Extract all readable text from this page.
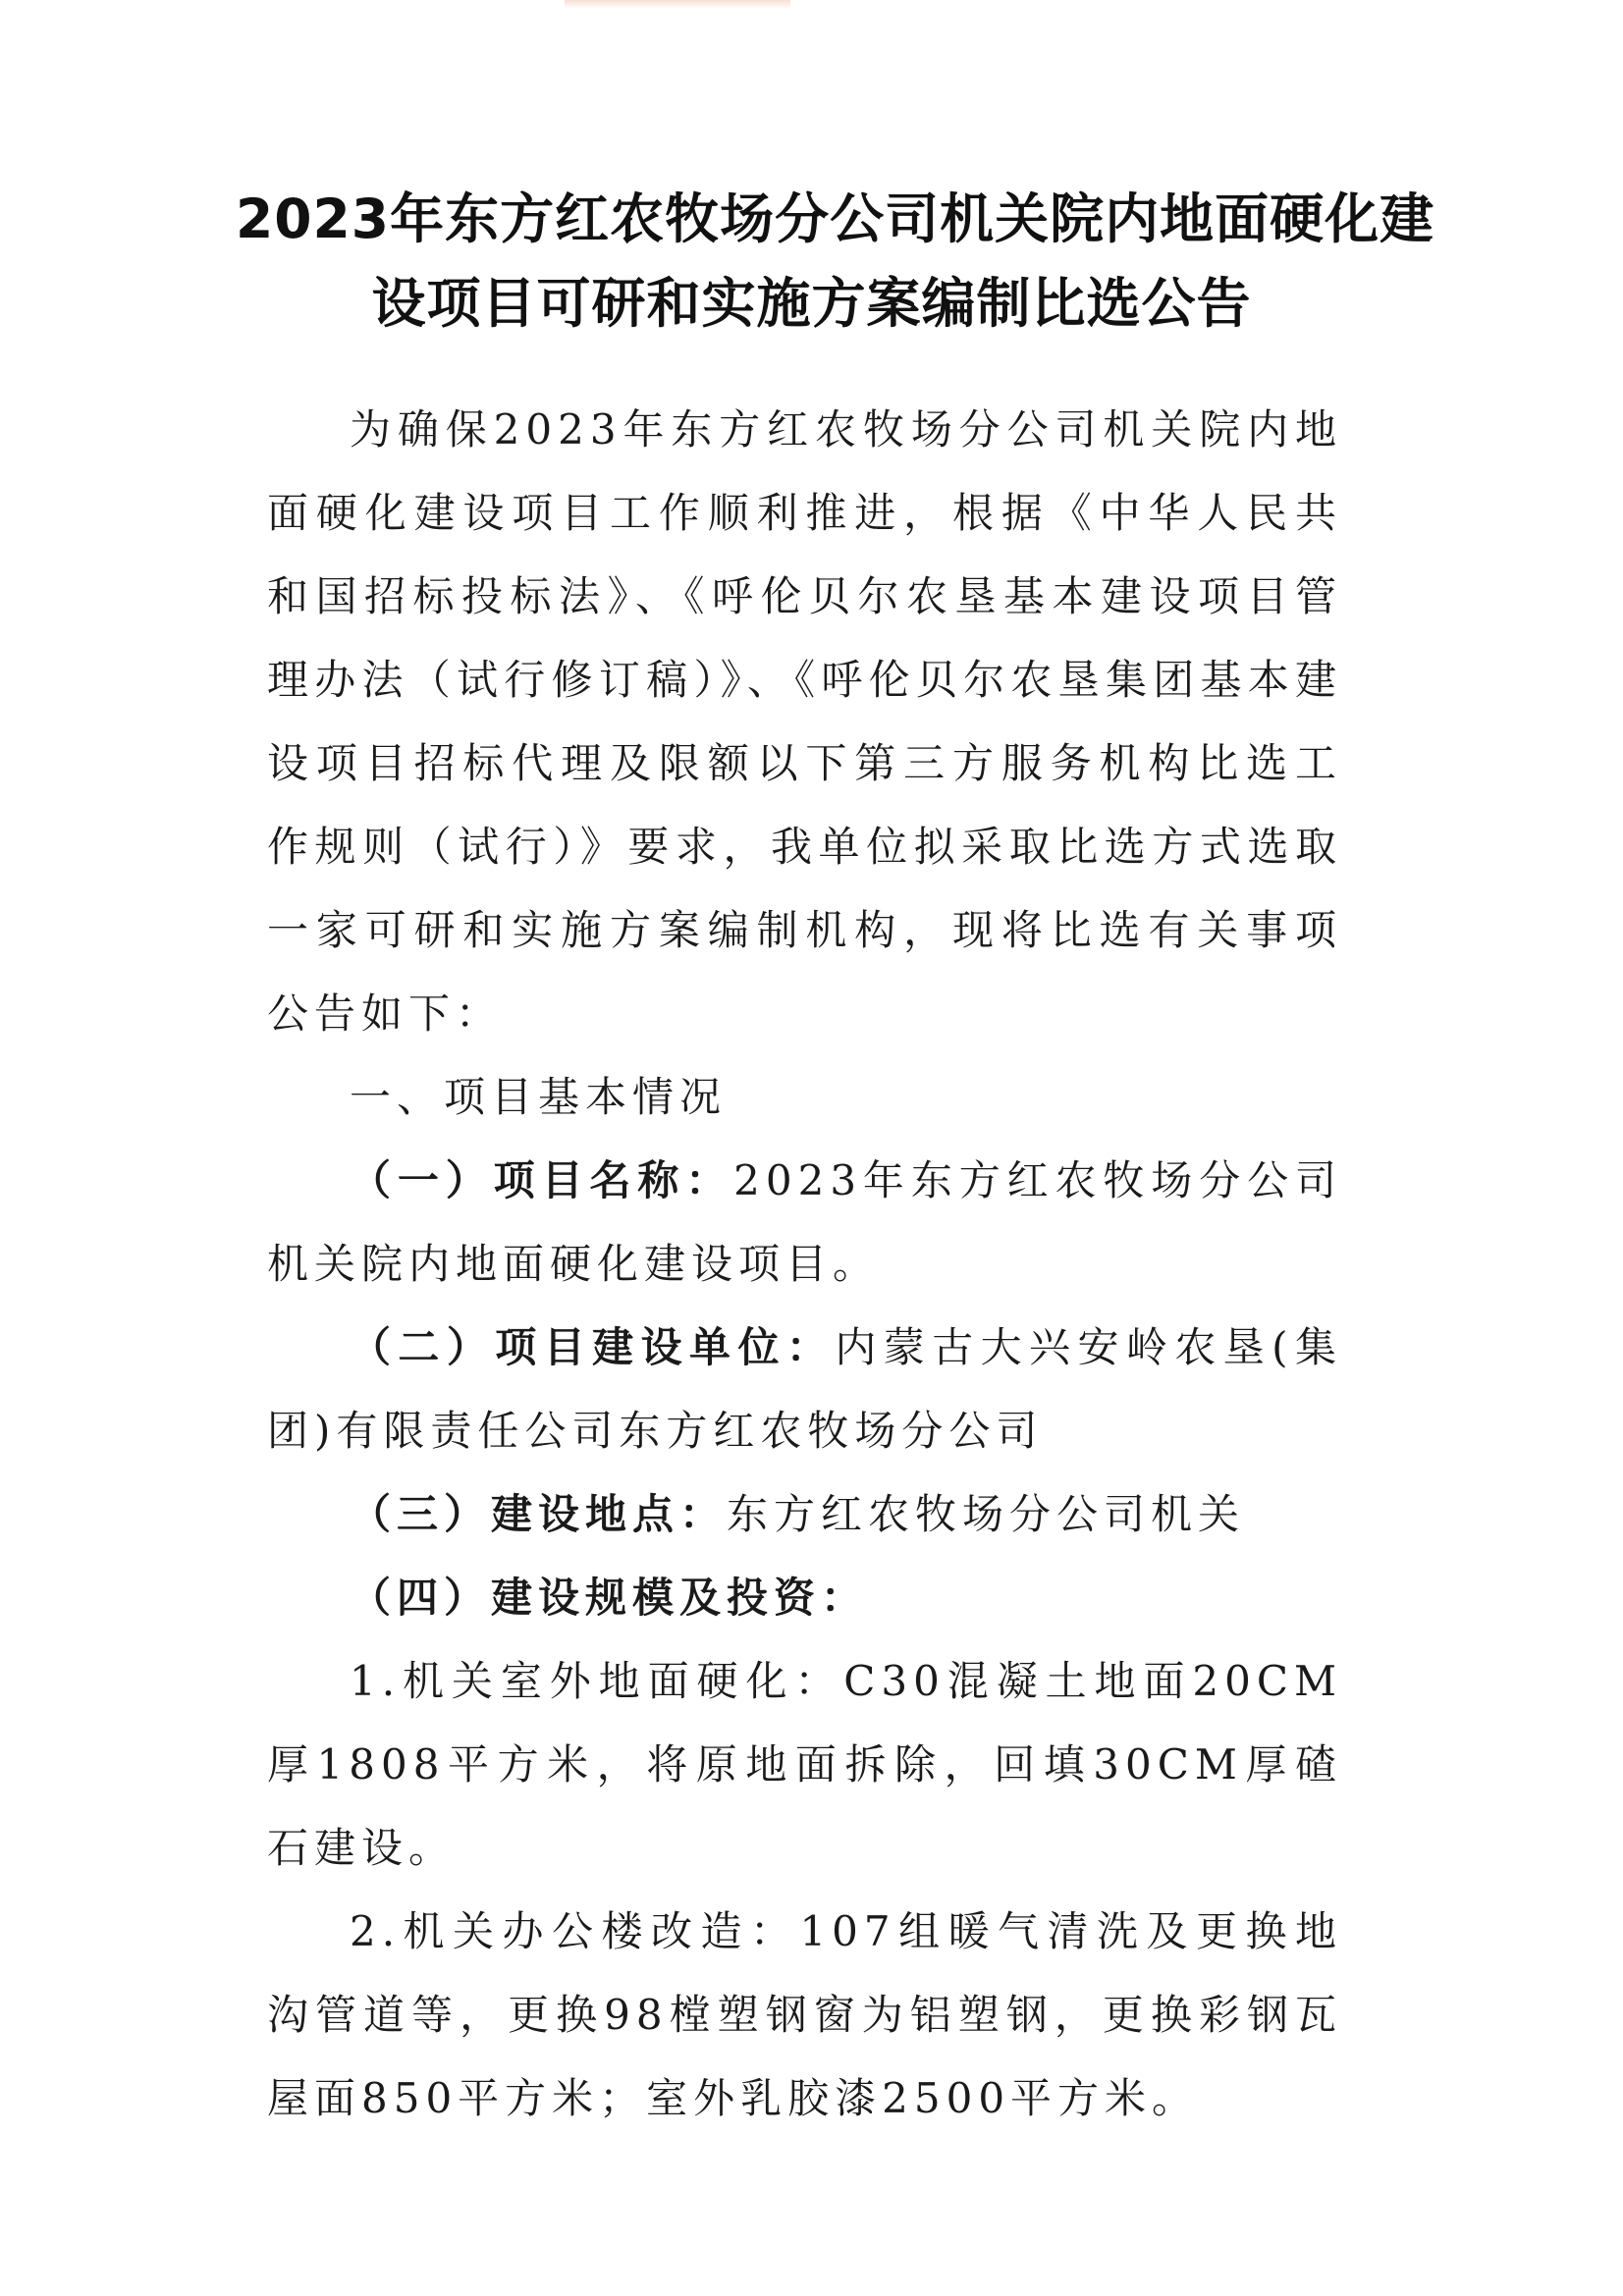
2023年东方红农牧场分公司机关院内地面硬化建
设项目可研和实施方案编制比选公告

为确保2023年东方红农牧场分公司机关院内地面硬化建设项目工作顺利推进，根据《中华人民共和国招标投标法》、《呼伦贝尔农垦基本建设项目管理办法（试行修订稿）》、《呼伦贝尔农垦集团基本建设项目招标代理及限额以下第三方服务机构比选工作规则（试行）》要求，我单位拟采取比选方式选取一家可研和实施方案编制机构，现将比选有关事项公告如下：

一、项目基本情况

（一）项目名称：2023年东方红农牧场分公司机关院内地面硬化建设项目。

（二）项目建设单位：内蒙古大兴安岭农垦(集团)有限责任公司东方红农牧场分公司

（三）建设地点：东方红农牧场分公司机关

（四）建设规模及投资：

1.机关室外地面硬化：C30混凝土地面20CM厚1808平方米，将原地面拆除，回填30CM厚碴石建设。

2.机关办公楼改造：107组暖气清洗及更换地沟管道等，更换98樘塑钢窗为铝塑钢，更换彩钢瓦屋面850平方米；室外乳胶漆2500平方米。
